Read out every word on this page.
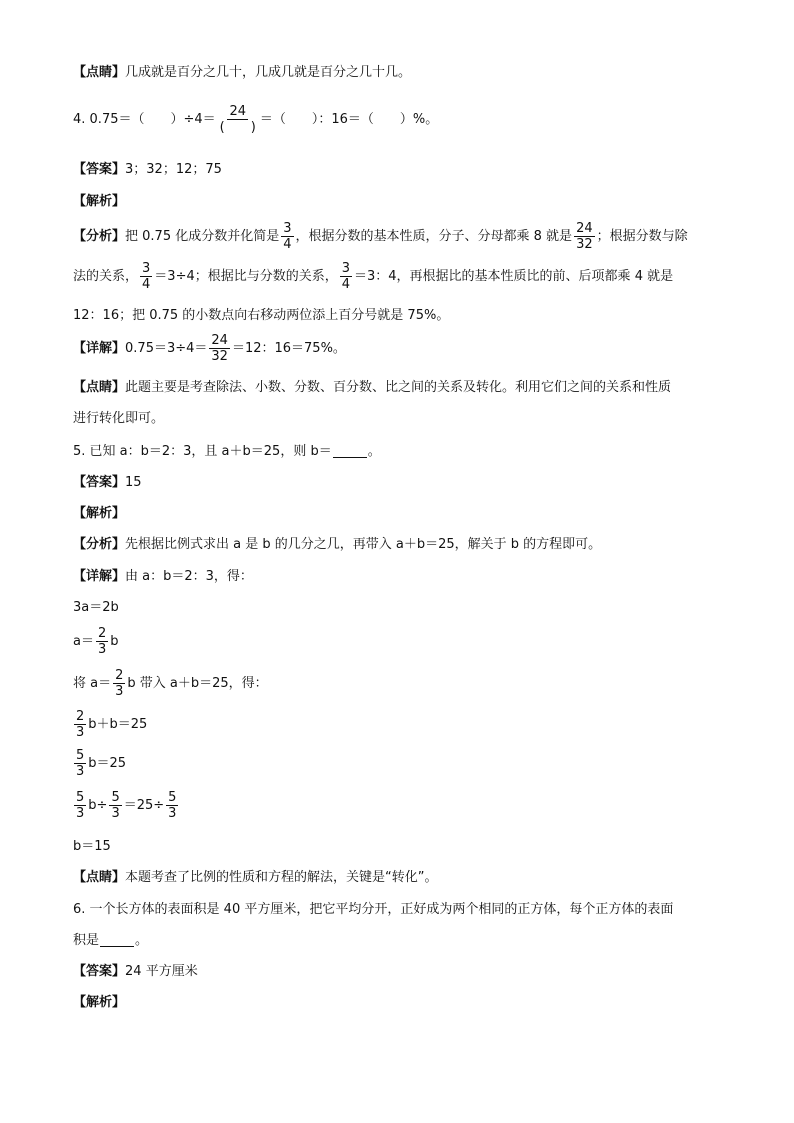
【点睛】 几成就是百分之几十，几成几就是百分之几十几。
4. 0.75＝（　　）$\div 4= \frac{24}{( )}$ ＝（　　）：16＝（　　）%。
【答案】 3；32；12；75
【解析】
【分析】 把 0.75 化成分数并化简是 $\frac{3}{4}$ ，根据分数的基本性质，分子、分母都乘 8 就是 $\frac{24}{32}$ ；根据分数与除
法的关系， $\frac{3}{4} =3\div 4$；根据比与分数的关系， $\frac{3}{4} =3$：4，再根据比的基本性质比的前、后项都乘 4 就是
12：16；把 0.75 的小数点向右移动两位添上百分号就是 75%。
【详解】 $0.75=3\div 4= \frac{24}{32} =12$：16＝75%。
【点睛】 此题主要是考查除法、小数、分数、百分数、比之间的关系及转化。利用它们之间的关系和性质
进行转化即可。
5. 已知 a：b＝2：3，且 a＋b＝25，则 b＝	。
【答案】 15
【解析】
【分析】 先根据比例式求出 a 是 b 的几分之几，再带入 a＋b＝25，解关于 b 的方程即可。
【详解】 由 a：b＝2：3，得：
3a＝2b
$a= \frac{2}{3}$ b
将 $a= \frac{2}{3}$ b 带入 a＋b＝25，得：
$\frac{2}{3} b+b=25$
$\frac{5}{3} b=25$
$\frac{5}{3} b\div \frac{5}{3} =25\div \frac{5}{3}$
b＝15
【点睛】 本题考查了比例的性质和方程的解法，关键是“转化”。
6. 一个长方体的表面积是 40 平方厘米，把它平均分开，正好成为两个相同的正方体，每个正方体的表面
积是	。
【答案】 24 平方厘米
【解析】
